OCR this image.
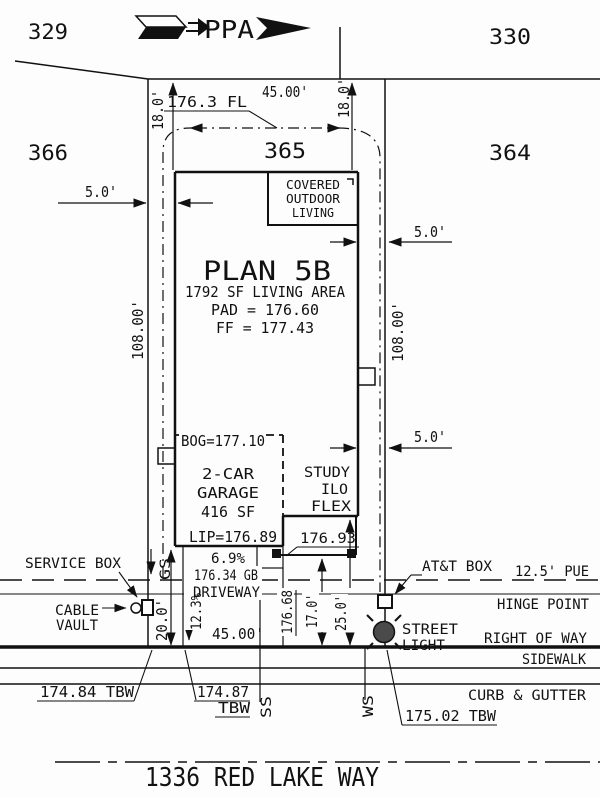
PPA
329	330
366	365	364
45.00'
176.3 FL
18.0'	18.0'
5.0'
5.0'
5.0'
108.00'	108.00'
COVERED
OUTDOOR
LIVING
PLAN 5B
1792 SF LIVING AREA
PAD = 176.60
FF = 177.43
BOG=177.10
2-CAR
GARAGE
416 SF
LIP=176.89
STUDY
ILO
FLEX
176.93
6.9%
176.34 GB
DRIVEWAY
12.3%
45.00'
20.0'	176.68 17.0' 25.0'
SERVICE BOX
CABLE
VAULT
GS	AT&T BOX 12.5' PUE
HINGE POINT
STREET
LIGHT	RIGHT OF WAY
SIDEWALK
CURB & GUTTER
174.84 TBW	174.87
TBW SS	WS 175.02 TBW
1336 RED LAKE WAY
